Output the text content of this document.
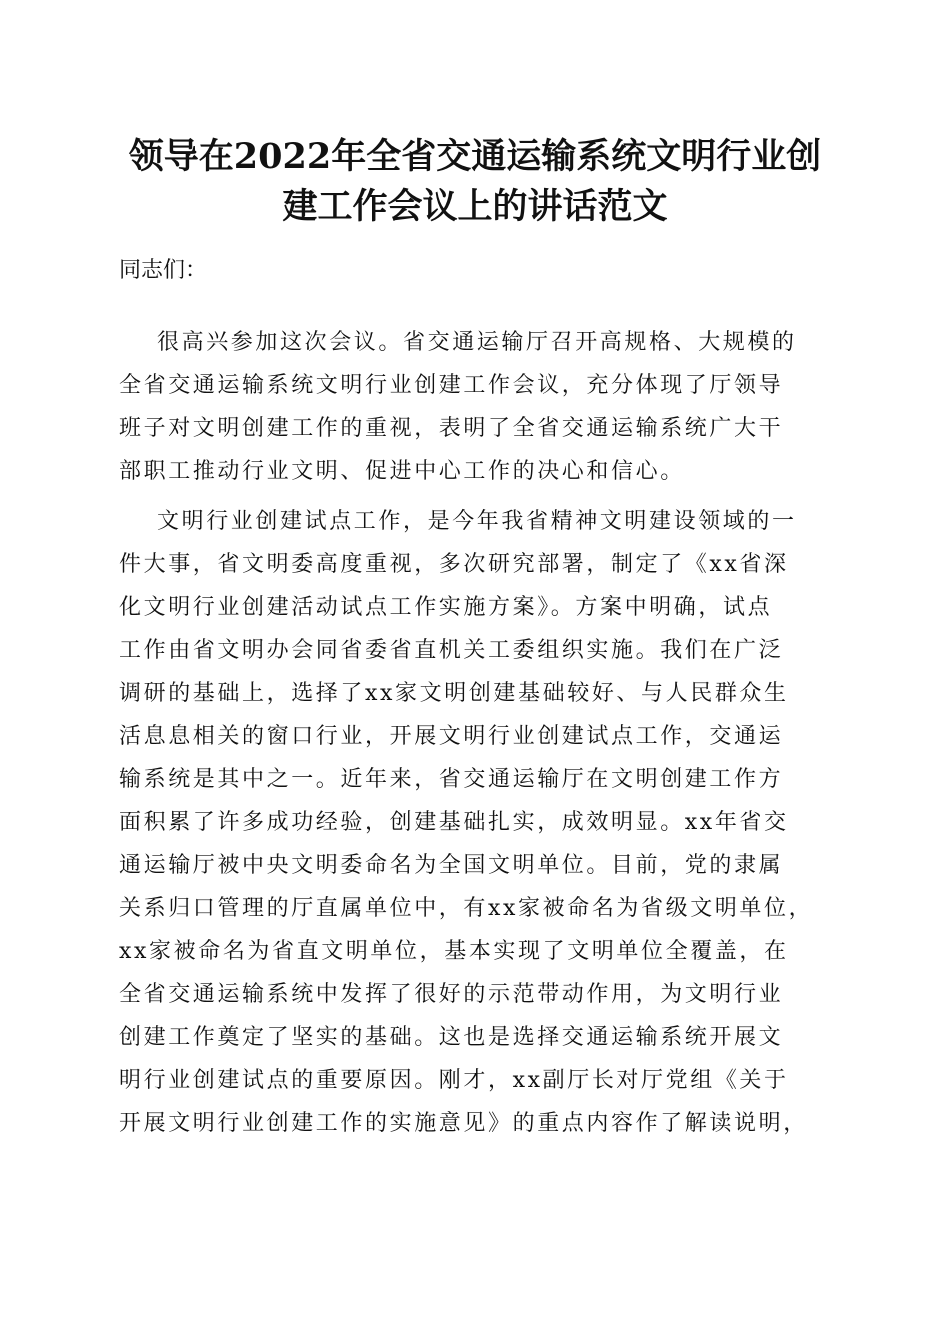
领导在2022年全省交通运输系统文明行业创
建工作会议上的讲话范文
同志们：
很高兴参加这次会议。省交通运输厅召开高规格、大规模的
全省交通运输系统文明行业创建工作会议，充分体现了厅领导
班子对文明创建工作的重视，表明了全省交通运输系统广大干
部职工推动行业文明、促进中心工作的决心和信心。
文明行业创建试点工作，是今年我省精神文明建设领域的一
件大事，省文明委高度重视，多次研究部署，制定了《xx省深
化文明行业创建活动试点工作实施方案》。方案中明确，试点
工作由省文明办会同省委省直机关工委组织实施。我们在广泛
调研的基础上，选择了xx家文明创建基础较好、与人民群众生
活息息相关的窗口行业，开展文明行业创建试点工作，交通运
输系统是其中之一。近年来，省交通运输厅在文明创建工作方
面积累了许多成功经验，创建基础扎实，成效明显。xx年省交
通运输厅被中央文明委命名为全国文明单位。目前，党的隶属
关系归口管理的厅直属单位中，有xx家被命名为省级文明单位，
xx家被命名为省直文明单位，基本实现了文明单位全覆盖，在
全省交通运输系统中发挥了很好的示范带动作用，为文明行业
创建工作奠定了坚实的基础。这也是选择交通运输系统开展文
明行业创建试点的重要原因。刚才，xx副厅长对厅党组《关于
开展文明行业创建工作的实施意见》的重点内容作了解读说明，
